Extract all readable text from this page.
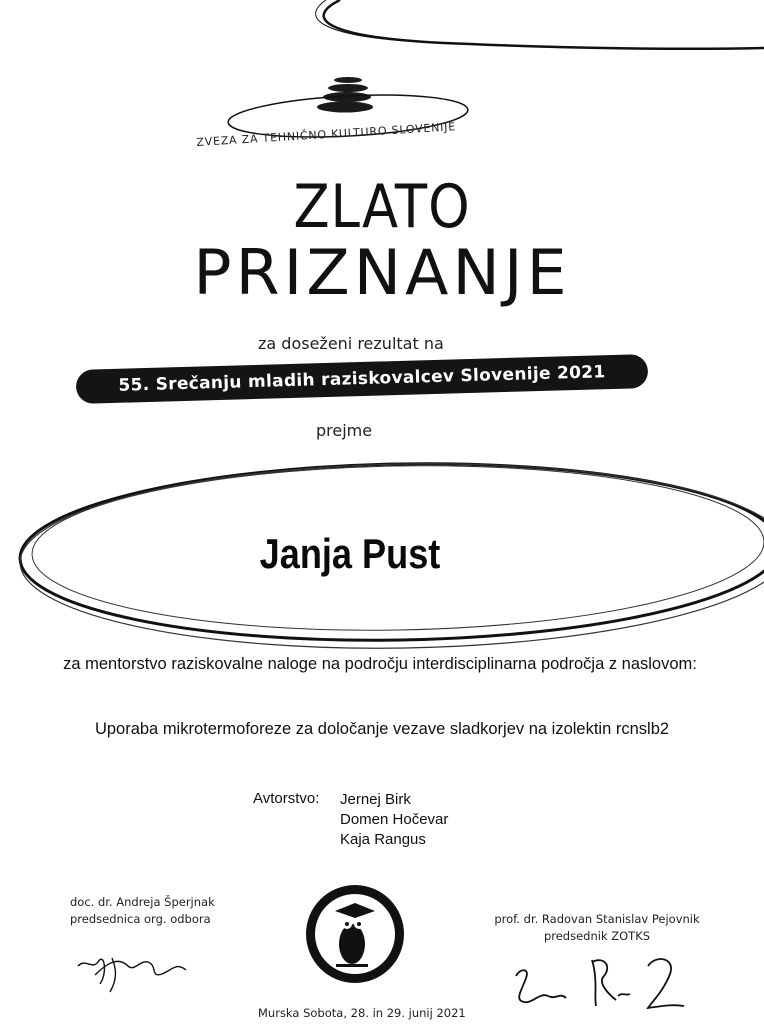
ZVEZA ZA TEHNIČNO KULTURO SLOVENIJE
ZLATO
PRIZNANJE
za doseženi rezultat na
55. Srečanju mladih raziskovalcev Slovenije 2021
prejme
Janja Pust
za mentorstvo raziskovalne naloge na področju interdisciplinarna področja z naslovom:
Uporaba mikrotermoforeze za določanje vezave sladkorjev na izolektin rcnslb2
Avtorstvo: Jernej Birk
Domen Hočevar
Kaja Rangus
doc. dr. Andreja Šperjnak
predsednica org. odbora	prof. dr. Radovan Stanislav Pejovnik
predsednik ZOTKS
Murska Sobota, 28. in 29. junij 2021
